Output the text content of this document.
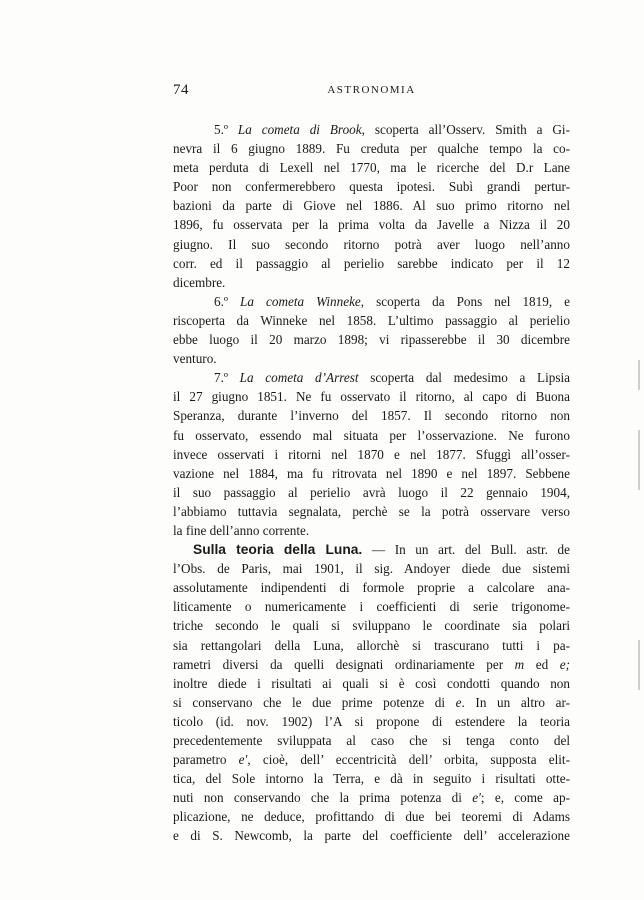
74	ASTRONOMIA
5.º La cometa di Brook, scoperta all’Osserv. Smith a Gi-
nevra il 6 giugno 1889. Fu creduta per qualche tempo la co-
meta perduta di Lexell nel 1770, ma le ricerche del D.r Lane
Poor non confermerebbero questa ipotesi. Subì grandi pertur-
bazioni da parte di Giove nel 1886. Al suo primo ritorno nel
1896, fu osservata per la prima volta da Javelle a Nizza il 20
giugno. Il suo secondo ritorno potrà aver luogo nell’anno
corr. ed il passaggio al perielio sarebbe indicato per il 12
dicembre.
6.º La cometa Winneke, scoperta da Pons nel 1819, e
riscoperta da Winneke nel 1858. L’ultimo passaggio al perielio
ebbe luogo il 20 marzo 1898; vi ripasserebbe il 30 dicembre
venturo.
7.º La cometa d’Arrest scoperta dal medesimo a Lipsia
il 27 giugno 1851. Ne fu osservato il ritorno, al capo di Buona
Speranza, durante l’inverno del 1857. Il secondo ritorno non
fu osservato, essendo mal situata per l’osservazione. Ne furono
invece osservati i ritorni nel 1870 e nel 1877. Sfuggì all’osser-
vazione nel 1884, ma fu ritrovata nel 1890 e nel 1897. Sebbene
il suo passaggio al perielio avrà luogo il 22 gennaio 1904,
l’abbiamo tuttavia segnalata, perchè se la potrà osservare verso
la fine dell’anno corrente.
Sulla teoria della Luna. — In un art. del Bull. astr. de
l’Obs. de Paris, mai 1901, il sig. Andoyer diede due sistemi
assolutamente indipendenti di formole proprie a calcolare ana-
liticamente o numericamente i coefficienti di serie trigonome-
triche secondo le quali si sviluppano le coordinate sia polari
sia rettangolari della Luna, allorchè si trascurano tutti i pa-
rametri diversi da quelli designati ordinariamente per m ed e;
inoltre diede i risultati ai quali si è così condotti quando non
si conservano che le due prime potenze di e. In un altro ar-
ticolo (id. nov. 1902) l’A si propone di estendere la teoria
precedentemente sviluppata al caso che si tenga conto del
parametro e', cioè, dell’ eccentricità dell’ orbita, supposta elit-
tica, del Sole intorno la Terra, e dà in seguito i risultati otte-
nuti non conservando che la prima potenza di e'; e, come ap-
plicazione, ne deduce, profittando di due bei teoremi di Adams
e di S. Newcomb, la parte del coefficiente dell’ accelerazione
